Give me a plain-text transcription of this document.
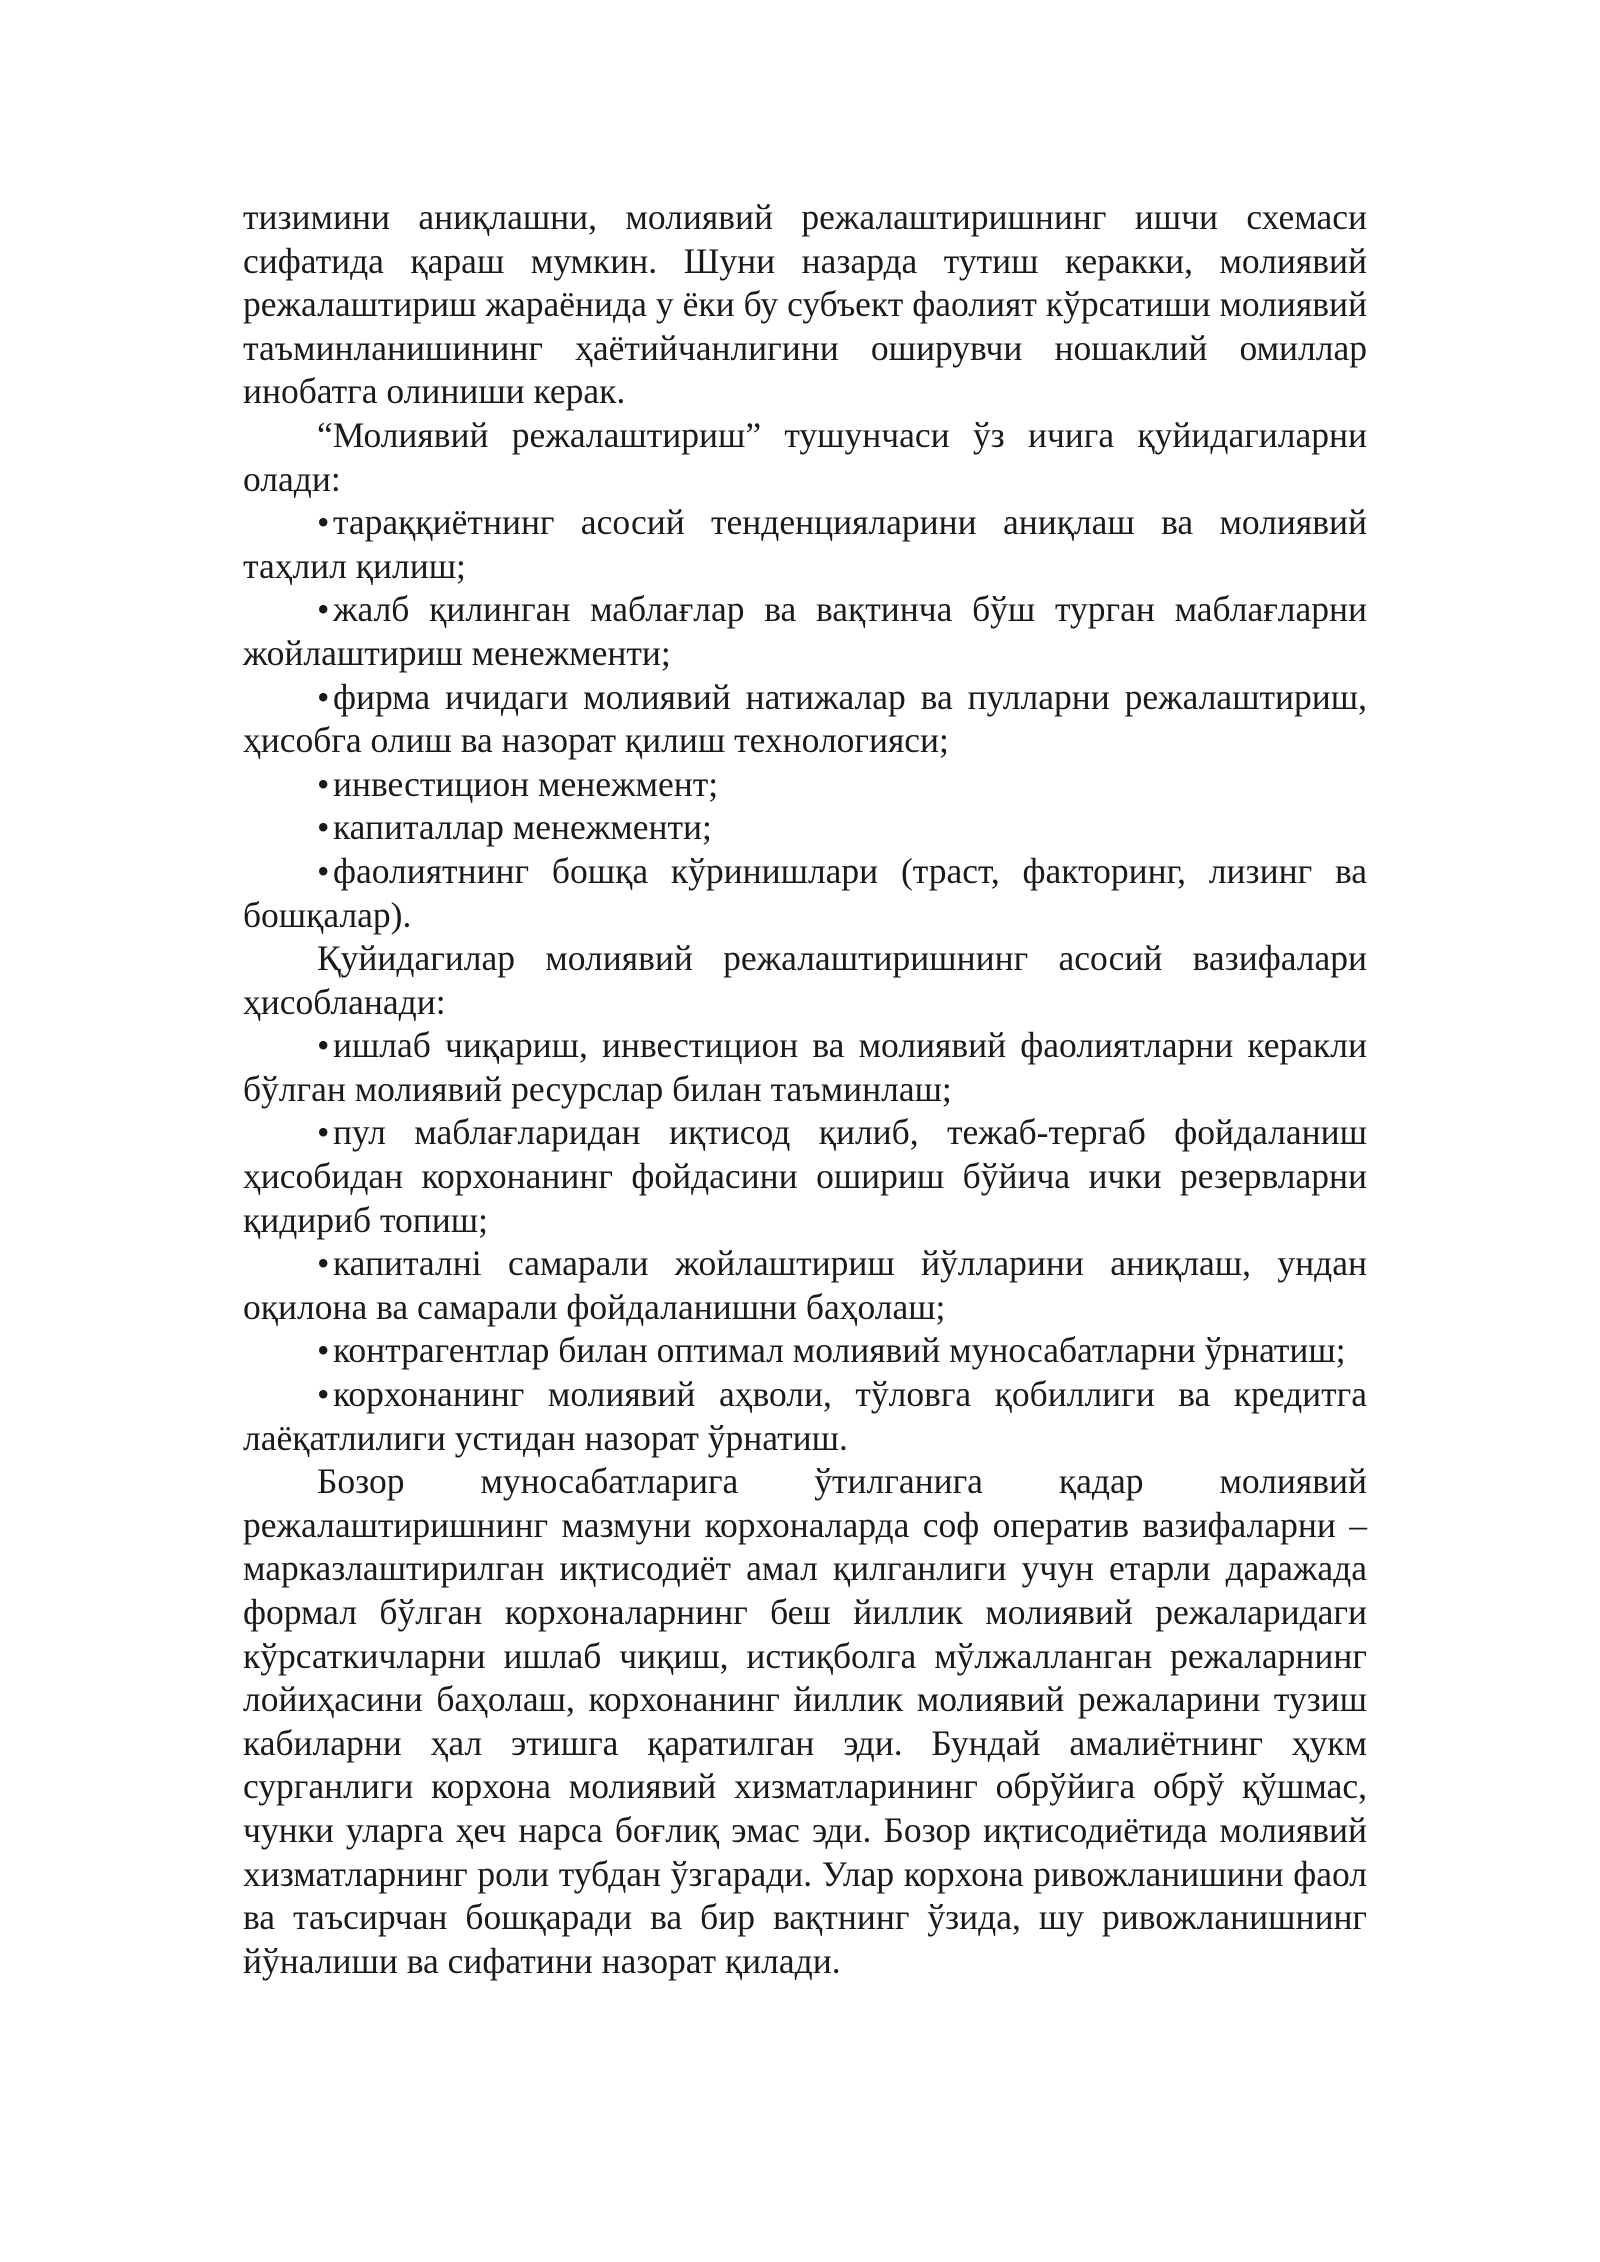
тизимини аниқлашни, молиявий режалаштиришнинг ишчи схемаси сифатида қараш мумкин. Шуни назарда тутиш керакки, молиявий режалаштириш жараёнида у ёки бу субъект фаолият кўрсатиши молиявий таъминланишининг ҳаётийчанлигини оширувчи ношаклий омиллар инобатга олиниши керак.

“Молиявий режалаштириш” тушунчаси ўз ичига қуйидагиларни олади:

•тараққиётнинг асосий тенденцияларини аниқлаш ва молиявий таҳлил қилиш;

•жалб қилинган маблағлар ва вақтинча бўш турган маблағларни жойлаштириш менежменти;

•фирма ичидаги молиявий натижалар ва пулларни режалаштириш, ҳисобга олиш ва назорат қилиш технологияси;

•инвестицион менежмент;

•капиталлар менежменти;

•фаолиятнинг бошқа кўринишлари (траст, факторинг, лизинг ва бошқалар).

Қуйидагилар молиявий режалаштиришнинг асосий вазифалари ҳисобланади:

•ишлаб чиқариш, инвестицион ва молиявий фаолиятларни керакли бўлган молиявий ресурслар билан таъминлаш;

•пул маблағларидан иқтисод қилиб, тежаб-тергаб фойдаланиш ҳисобидан корхонанинг фойдасини ошириш бўйича ички резервларни қидириб топиш;

•капиталнi самарали жойлаштириш йўлларини аниқлаш, ундан оқилона ва самарали фойдаланишни баҳолаш;

•контрагентлар билан оптимал молиявий муносабатларни ўрнатиш;

•корхонанинг молиявий аҳволи, тўловга қобиллиги ва кредитга лаёқатлилиги устидан назорат ўрнатиш.

Бозор муносабатларига ўтилганига қадар молиявий режалаштиришнинг мазмуни корхоналарда соф оператив вазифаларни – марказлаштирилган иқтисодиёт амал қилганлиги учун етарли даражада формал бўлган корхоналарнинг беш йиллик молиявий режаларидаги кўрсаткичларни ишлаб чиқиш, истиқболга мўлжалланган режаларнинг лойиҳасини баҳолаш, корхонанинг йиллик молиявий режаларини тузиш кабиларни ҳал этишга қаратилган эди. Бундай амалиётнинг ҳукм сурганлиги корхона молиявий хизматларининг обрўйига обрў қўшмас, чунки уларга ҳеч нарса боғлиқ эмас эди. Бозор иқтисодиётида молиявий хизматларнинг роли тубдан ўзгаради. Улар корхона ривожланишини фаол ва таъсирчан бошқаради ва бир вақтнинг ўзида, шу ривожланишнинг йўналиши ва сифатини назорат қилади.
